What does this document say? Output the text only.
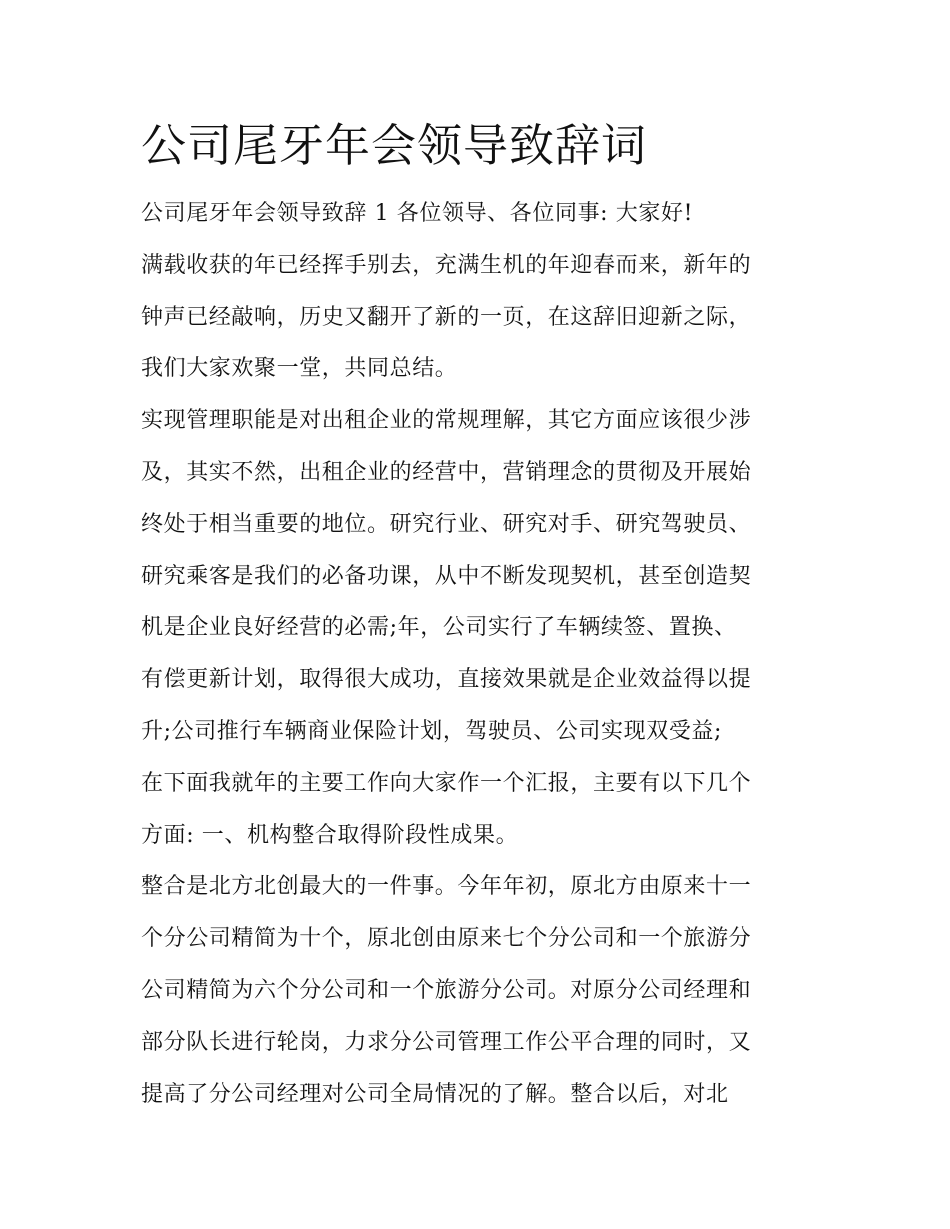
公司尾牙年会领导致辞词
公司尾牙年会领导致辞 1 各位领导、各位同事: 大家好!
满载收获的年已经挥手别去，充满生机的年迎春而来，新年的
钟声已经敲响，历史又翻开了新的一页，在这辞旧迎新之际，
我们大家欢聚一堂，共同总结。
实现管理职能是对出租企业的常规理解，其它方面应该很少涉
及，其实不然，出租企业的经营中，营销理念的贯彻及开展始
终处于相当重要的地位。研究行业、研究对手、研究驾驶员、
研究乘客是我们的必备功课，从中不断发现契机，甚至创造契
机是企业良好经营的必需;年，公司实行了车辆续签、置换、
有偿更新计划，取得很大成功，直接效果就是企业效益得以提
升;公司推行车辆商业保险计划，驾驶员、公司实现双受益;
在下面我就年的主要工作向大家作一个汇报，主要有以下几个
方面: 一、机构整合取得阶段性成果。
整合是北方北创最大的一件事。今年年初，原北方由原来十一
个分公司精简为十个，原北创由原来七个分公司和一个旅游分
公司精简为六个分公司和一个旅游分公司。对原分公司经理和
部分队长进行轮岗，力求分公司管理工作公平合理的同时，又
提高了分公司经理对公司全局情况的了解。整合以后，对北
